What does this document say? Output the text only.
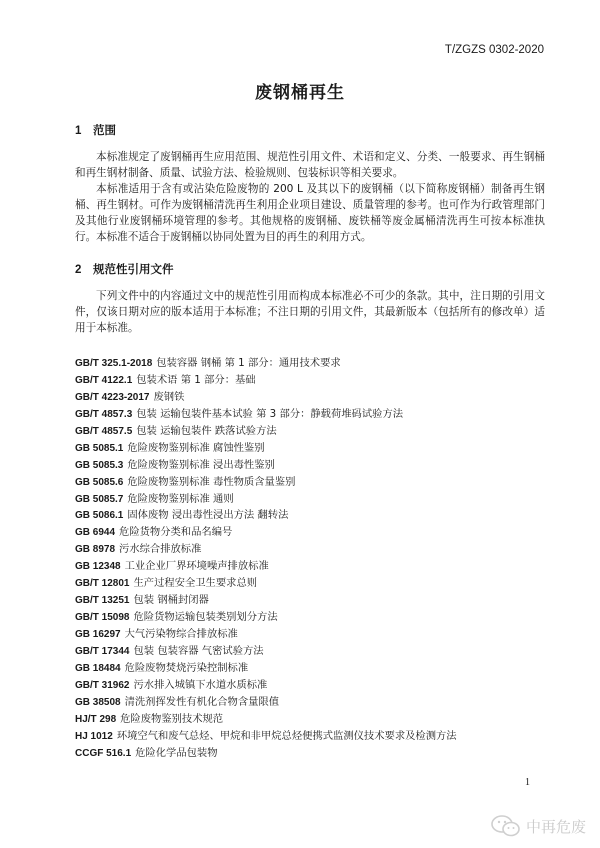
T/ZGZS 0302-2020
废钢桶再生
1 范围
本标准规定了废钢桶再生应用范围、规范性引用文件、术语和定义、分类、一般要求、再生钢桶和再生钢材制备、质量、试验方法、检验规则、包装标识等相关要求。
本标准适用于含有或沾染危险废物的 200 L 及其以下的废钢桶（以下简称废钢桶）制备再生钢桶、再生钢材。可作为废钢桶清洗再生利用企业项目建设、质量管理的参考。也可作为行政管理部门及其他行业废钢桶环境管理的参考。其他规格的废钢桶、废铁桶等废金属桶清洗再生可按本标准执行。 本标准不适合于废钢桶以协同处置为目的再生的利用方式。
2 规范性引用文件
下列文件中的内容通过文中的规范性引用而构成本标准必不可少的条款。其中，注日期的引用文件，仅该日期对应的版本适用于本标准；不注日期的引用文件，其最新版本（包括所有的修改单）适用于本标准。
GB/T 325.1-2018 包装容器 钢桶 第 1 部分：通用技术要求
GB/T 4122.1 包装术语 第 1 部分：基础
GB/T 4223-2017 废钢铁
GB/T 4857.3 包装 运输包装件基本试验 第 3 部分：静载荷堆码试验方法
GB/T 4857.5 包装 运输包装件 跌落试验方法
GB 5085.1 危险废物鉴别标准 腐蚀性鉴别
GB 5085.3 危险废物鉴别标准 浸出毒性鉴别
GB 5085.6 危险废物鉴别标准 毒性物质含量鉴别
GB 5085.7 危险废物鉴别标准 通则
GB 5086.1 固体废物 浸出毒性浸出方法 翻转法
GB 6944 危险货物分类和品名编号
GB 8978 污水综合排放标准
GB 12348 工业企业厂界环境噪声排放标准
GB/T 12801 生产过程安全卫生要求总则
GB/T 13251 包装 钢桶封闭器
GB/T 15098 危险货物运输包装类别划分方法
GB 16297 大气污染物综合排放标准
GB/T 17344 包装 包装容器 气密试验方法
GB 18484 危险废物焚烧污染控制标准
GB/T 31962 污水排入城镇下水道水质标准
GB 38508 清洗剂挥发性有机化合物含量限值
HJ/T 298 危险废物鉴别技术规范
HJ 1012 环境空气和废气总烃、甲烷和非甲烷总烃便携式监测仪技术要求及检测方法
CCGF 516.1 危险化学品包装物
1
中再危废
